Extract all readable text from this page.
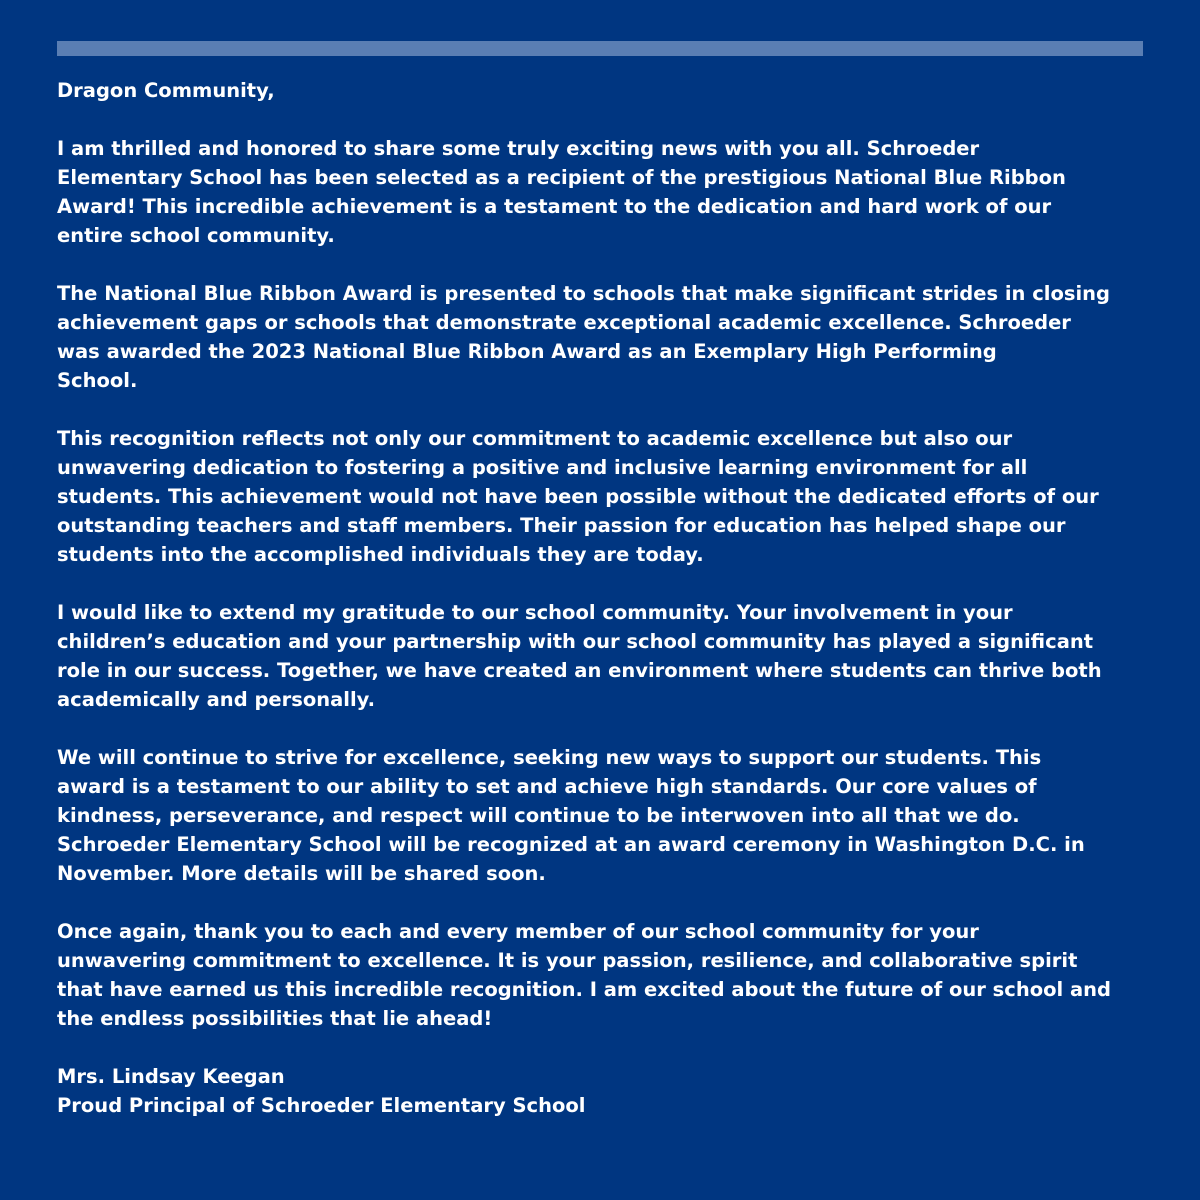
Dragon Community,

I am thrilled and honored to share some truly exciting news with you all. Schroeder
Elementary School has been selected as a recipient of the prestigious National Blue Ribbon
Award! This incredible achievement is a testament to the dedication and hard work of our
entire school community.

The National Blue Ribbon Award is presented to schools that make significant strides in closing
achievement gaps or schools that demonstrate exceptional academic excellence. Schroeder
was awarded the 2023 National Blue Ribbon Award as an Exemplary High Performing
School.

This recognition reflects not only our commitment to academic excellence but also our
unwavering dedication to fostering a positive and inclusive learning environment for all
students. This achievement would not have been possible without the dedicated efforts of our
outstanding teachers and staff members. Their passion for education has helped shape our
students into the accomplished individuals they are today.

I would like to extend my gratitude to our school community. Your involvement in your
children’s education and your partnership with our school community has played a significant
role in our success. Together, we have created an environment where students can thrive both
academically and personally.

We will continue to strive for excellence, seeking new ways to support our students. This
award is a testament to our ability to set and achieve high standards. Our core values of
kindness, perseverance, and respect will continue to be interwoven into all that we do.
Schroeder Elementary School will be recognized at an award ceremony in Washington D.C. in
November. More details will be shared soon.

Once again, thank you to each and every member of our school community for your
unwavering commitment to excellence. It is your passion, resilience, and collaborative spirit
that have earned us this incredible recognition. I am excited about the future of our school and
the endless possibilities that lie ahead!

Mrs. Lindsay Keegan
Proud Principal of Schroeder Elementary School
